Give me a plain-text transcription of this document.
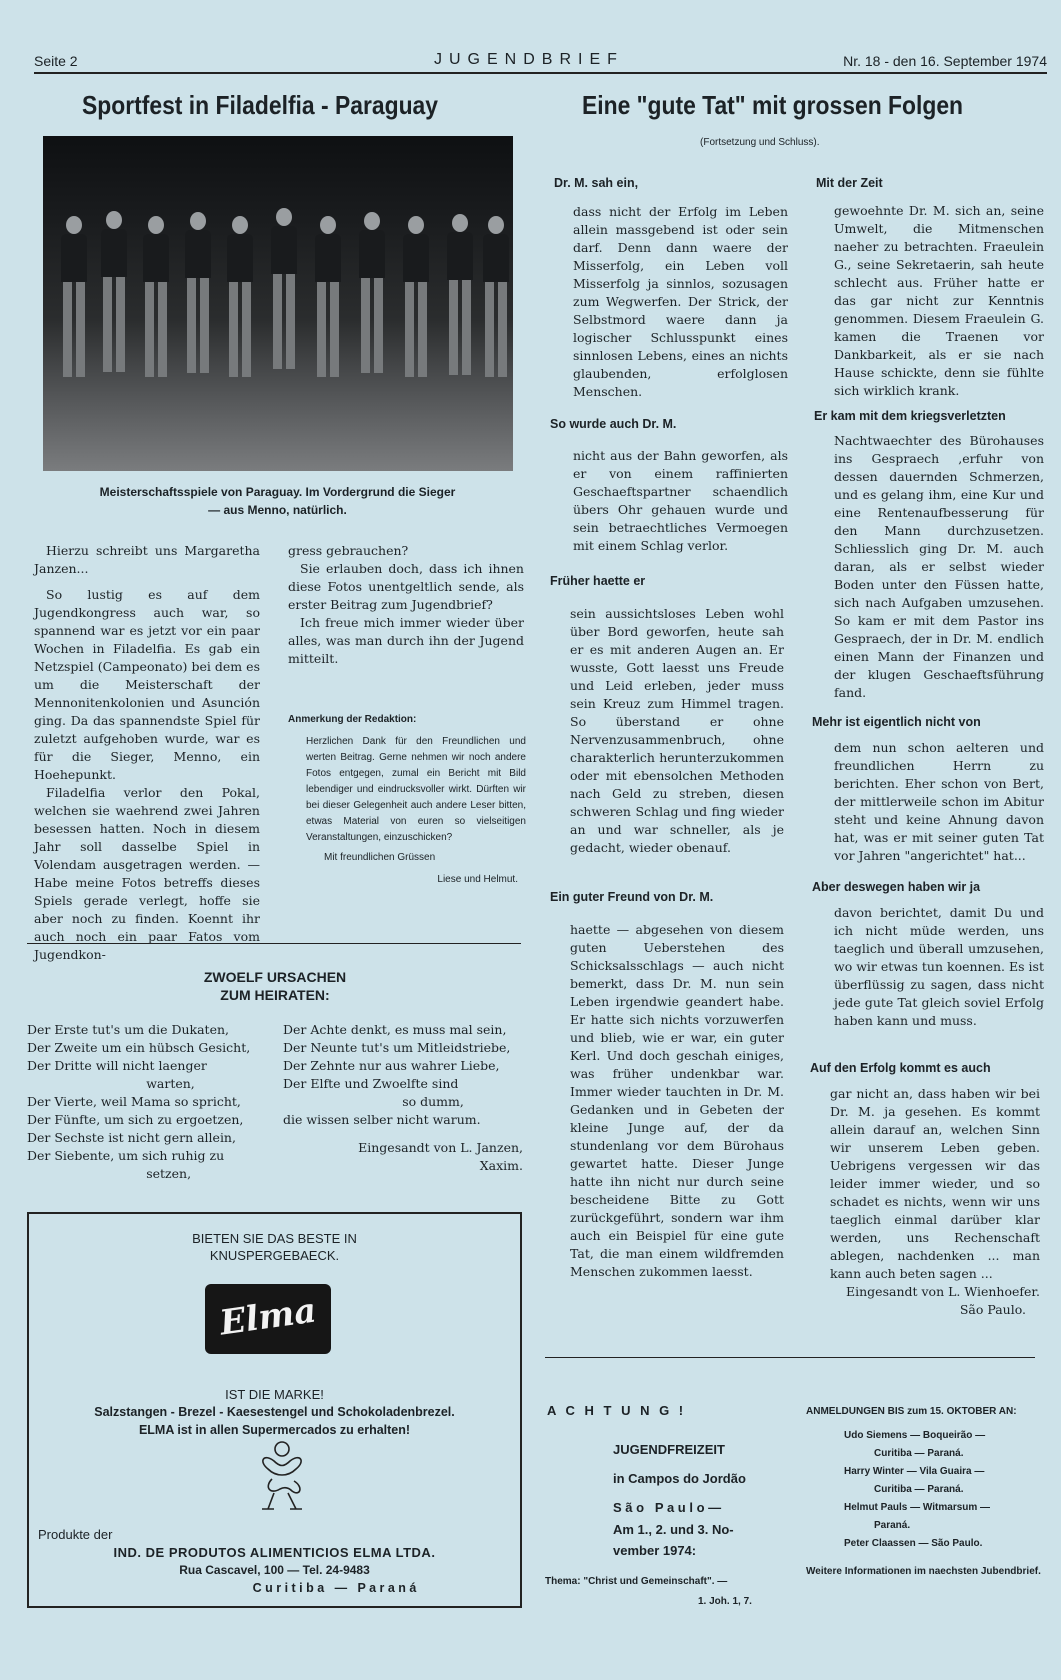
Seite 2	JUGENDBRIEF	Nr. 18 - den 16. September 1974
Sportfest in Filadelfia - Paraguay	Eine "gute Tat" mit grossen Folgen
(Fortsetzung und Schluss).
Meisterschaftsspiele von Paraguay. Im Vordergrund die Sieger
— aus Menno, natürlich.

Hierzu schreibt uns Margaretha Janzen...

So lustig es auf dem Jugendkongress auch war, so spannend war es jetzt vor ein paar Wochen in Filadelfia. Es gab ein Netzspiel (Campeonato) bei dem es um die Meisterschaft der Mennonitenkolonien und Asunción ging. Da das spannendste Spiel für zuletzt aufgehoben wurde, war es für die Sieger, Menno, ein Hoehepunkt.

Filadelfia verlor den Pokal, welchen sie waehrend zwei Jahren besessen hatten. Noch in diesem Jahr soll dasselbe Spiel in Volendam ausgetragen werden. — Habe meine Fotos betreffs dieses Spiels gerade verlegt, hoffe sie aber noch zu finden. Koennt ihr auch noch ein paar Fatos vom Jugendkon-

gress gebrauchen?

Sie erlauben doch, dass ich ihnen diese Fotos unentgeltlich sende, als erster Beitrag zum Jugendbrief?

Ich freue mich immer wieder über alles, was man durch ihn der Jugend mitteilt.

Anmerkung der Redaktion:
Herzlichen Dank für den Freundlichen und werten Beitrag. Gerne nehmen wir noch andere Fotos entgegen, zumal ein Bericht mit Bild lebendiger und eindrucksvoller wirkt. Dürften wir bei dieser Gelegenheit auch andere Leser bitten, etwas Material von euren so vielseitigen Veranstaltungen, einzuschicken?
Mit freundlichen Grüssen
Liese und Helmut.
ZWOELF URSACHEN
ZUM HEIRATEN:
Der Erste tut's um die Dukaten,
Der Zweite um ein hübsch Gesicht,
Der Dritte will nicht laenger
warten,
Der Vierte, weil Mama so spricht,
Der Fünfte, um sich zu ergoetzen,
Der Sechste ist nicht gern allein,
Der Siebente, um sich ruhig zu
setzen,
Der Achte denkt, es muss mal sein,
Der Neunte tut's um Mitleidstriebe,
Der Zehnte nur aus wahrer Liebe,
Der Elfte und Zwoelfte sind
so dumm,
die wissen selber nicht warum.
Eingesandt von L. Janzen,
Xaxim.
BIETEN SIE DAS BESTE IN
KNUSPERGEBAECK.
Elma
IST DIE MARKE!
Salzstangen - Brezel - Kaesestengel und Schokoladenbrezel.
ELMA ist in allen Supermercados zu erhalten!
Produkte der
IND. DE PRODUTOS ALIMENTICIOS ELMA LTDA.
Rua Cascavel, 100 — Tel. 24-9483
C u r i t i b a   —   P a r a n á
Dr. M. sah ein,
dass nicht der Erfolg im Leben allein massgebend ist oder sein darf. Denn dann waere der Misserfolg, ein Leben voll Misserfolg ja sinnlos, sozusagen zum Wegwerfen. Der Strick, der Selbstmord waere dann ja logischer Schlusspunkt eines sinnlosen Lebens, eines an nichts glaubenden, erfolglosen Menschen.
So wurde auch Dr. M.
nicht aus der Bahn geworfen, als er von einem raffinierten Geschaeftspartner schaendlich übers Ohr gehauen wurde und sein betraechtliches Vermoegen mit einem Schlag verlor.
Früher haette er
sein aussichtsloses Leben wohl über Bord geworfen, heute sah er es mit anderen Augen an. Er wusste, Gott laesst uns Freude und Leid erleben, jeder muss sein Kreuz zum Himmel tragen. So überstand er ohne Nervenzusammenbruch, ohne charakterlich herunterzukommen oder mit ebensolchen Methoden nach Geld zu streben, diesen schweren Schlag und fing wieder an und war schneller, als je gedacht, wieder obenauf.
Ein guter Freund von Dr. M.
haette — abgesehen von diesem guten Ueberstehen des Schicksalsschlags — auch nicht bemerkt, dass Dr. M. nun sein Leben irgendwie geandert habe. Er hatte sich nichts vorzuwerfen und blieb, wie er war, ein guter Kerl. Und doch geschah einiges, was früher undenkbar war. Immer wieder tauchten in Dr. M. Gedanken und in Gebeten der kleine Junge auf, der da stundenlang vor dem Bürohaus gewartet hatte. Dieser Junge hatte ihn nicht nur durch seine bescheidene Bitte zu Gott zurückgeführt, sondern war ihm auch ein Beispiel für eine gute Tat, die man einem wildfremden Menschen zukommen laesst.
Mit der Zeit
gewoehnte Dr. M. sich an, seine Umwelt, die Mitmenschen naeher zu betrachten. Fraeulein G., seine Sekretaerin, sah heute schlecht aus. Früher hatte er das gar nicht zur Kenntnis genommen. Diesem Fraeulein G. kamen die Traenen vor Dankbarkeit, als er sie nach Hause schickte, denn sie fühlte sich wirklich krank.
Er kam mit dem kriegsverletzten
Nachtwaechter des Bürohauses ins Gespraech ,erfuhr von dessen dauernden Schmerzen, und es gelang ihm, eine Kur und eine Rentenaufbesserung für den Mann durchzusetzen. Schliesslich ging Dr. M. auch daran, als er selbst wieder Boden unter den Füssen hatte, sich nach Aufgaben umzusehen. So kam er mit dem Pastor ins Gespraech, der in Dr. M. endlich einen Mann der Finanzen und der klugen Geschaeftsführung fand.
Mehr ist eigentlich nicht von
dem nun schon aelteren und freundlichen Herrn zu berichten. Eher schon von Bert, der mittlerweile schon im Abitur steht und keine Ahnung davon hat, was er mit seiner guten Tat vor Jahren "angerichtet" hat...
Aber deswegen haben wir ja
davon berichtet, damit Du und ich nicht müde werden, uns taeglich und überall umzusehen, wo wir etwas tun koennen. Es ist überflüssig zu sagen, dass nicht jede gute Tat gleich soviel Erfolg haben kann und muss.
Auf den Erfolg kommt es auch
gar nicht an, dass haben wir bei Dr. M. ja gesehen. Es kommt allein darauf an, welchen Sinn wir unserem Leben geben. Uebrigens vergessen wir das leider immer wieder, und so schadet es nichts, wenn wir uns taeglich einmal darüber klar werden, uns Rechenschaft ablegen, nachdenken ... man kann auch beten sagen ...
Eingesandt von L. Wienhoefer.
São Paulo.
A C H T U N G !
JUGENDFREIZEIT
in Campos do Jordão
S ã o   P a u l o —
Am 1., 2. und 3. No-
vember 1974:
Thema: "Christ und Gemeinschaft". —
1. Joh. 1, 7.
ANMELDUNGEN BIS zum 15. OKTOBER AN:
Udo Siemens — Boqueirão —
Curitiba — Paraná.
Harry Winter — Vila Guaira —
Curitiba — Paraná.
Helmut Pauls — Witmarsum —
Paraná.
Peter Claassen — São Paulo.
Weitere Informationen im naechsten Jubendbrief.
